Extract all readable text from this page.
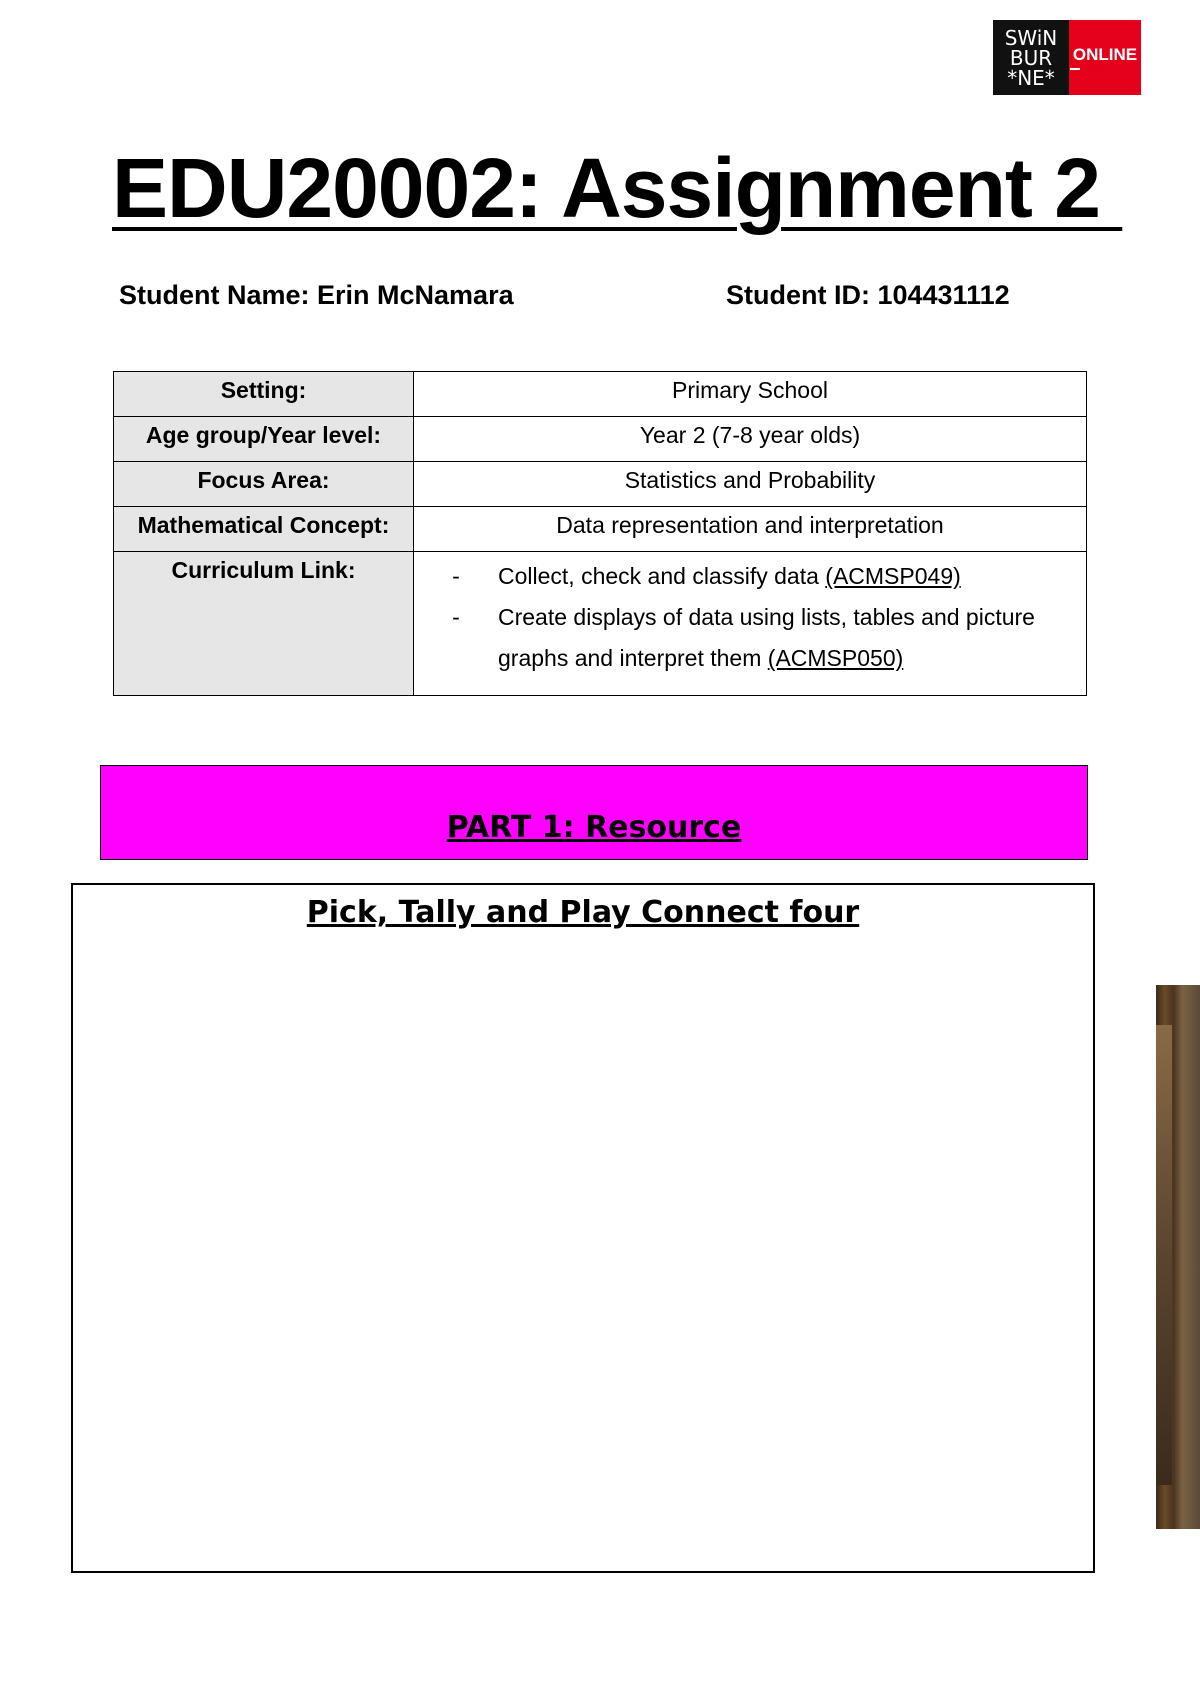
SWiN
BUR
*NE*
ONLINE
EDU20002: Assignment 2
Student Name: Erin McNamara	Student ID: 104431112
Setting:	Primary School
Age group/Year level:	Year 2 (7-8 year olds)
Focus Area:	Statistics and Probability
Mathematical Concept:	Data representation and interpretation
Curriculum Link:	- Collect, check and classify data (ACMSP049)
- Create displays of data using lists, tables and picture graphs and interpret them (ACMSP050)
PART 1: Resource
Pick, Tally and Play Connect four
